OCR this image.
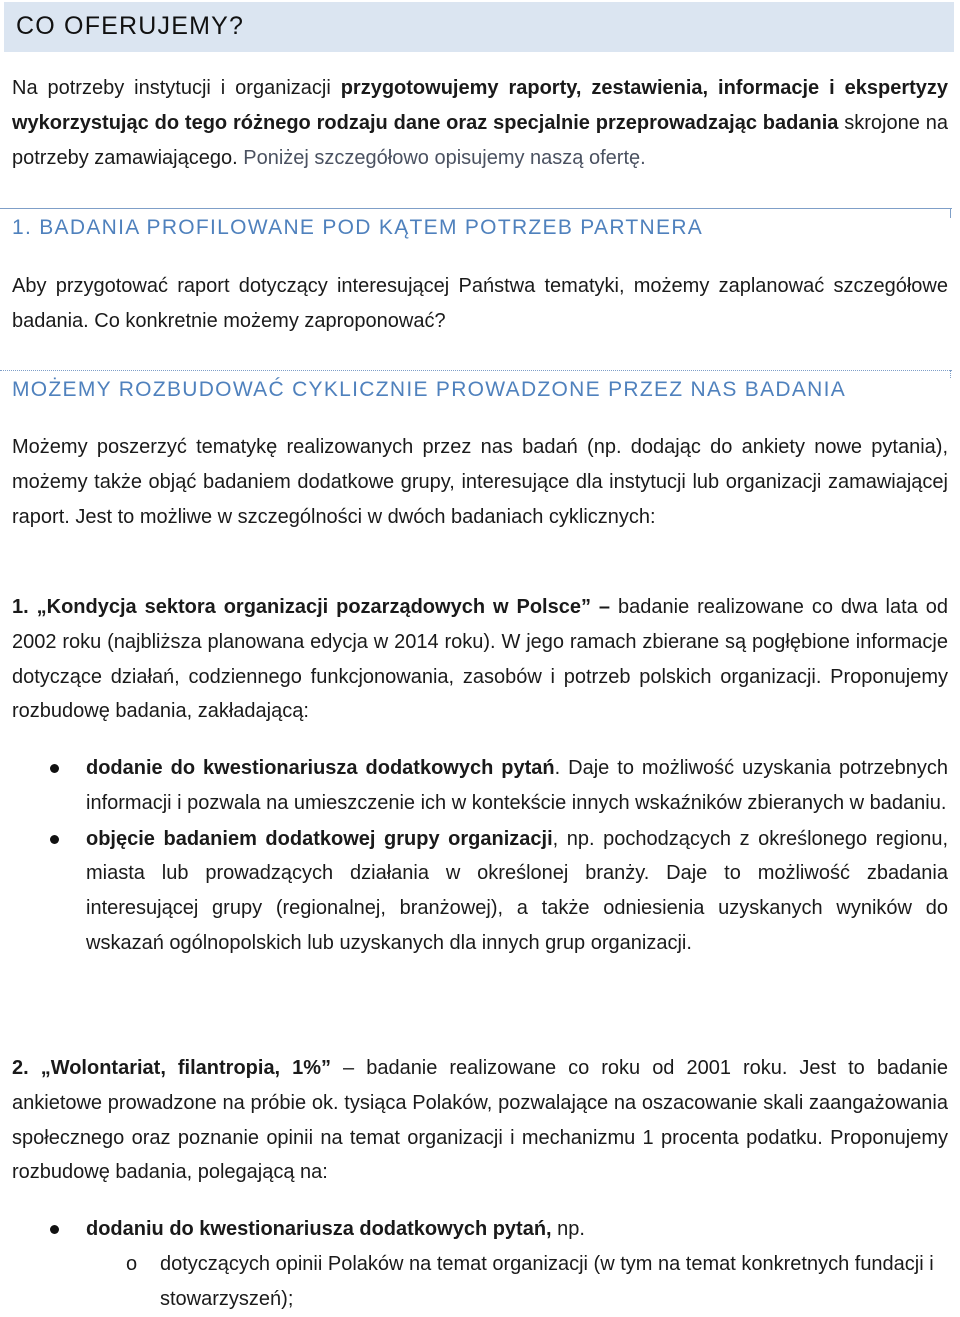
CO OFERUJEMY?

Na potrzeby instytucji i organizacji przygotowujemy raporty, zestawienia, informacje i ekspertyzy wykorzystując do tego różnego rodzaju dane oraz specjalnie przeprowadzając badania skrojone na potrzeby zamawiającego. Poniżej szczegółowo opisujemy naszą ofertę.

1. BADANIA PROFILOWANE POD KĄTEM POTRZEB PARTNERA

Aby przygotować raport dotyczący interesującej Państwa tematyki, możemy zaplanować szczegółowe badania. Co konkretnie możemy zaproponować?

MOŻEMY ROZBUDOWAĆ CYKLICZNIE PROWADZONE PRZEZ NAS BADANIA

Możemy poszerzyć tematykę realizowanych przez nas badań (np. dodając do ankiety nowe pytania), możemy także objąć badaniem dodatkowe grupy, interesujące dla instytucji lub organizacji zamawiającej raport. Jest to możliwe w szczególności w dwóch badaniach cyklicznych:

1. „Kondycja sektora organizacji pozarządowych w Polsce” – badanie realizowane co dwa lata od 2002 roku (najbliższa planowana edycja w 2014 roku). W jego ramach zbierane są pogłębione informacje dotyczące działań, codziennego funkcjonowania, zasobów i potrzeb polskich organizacji. Proponujemy rozbudowę badania, zakładającą:

dodanie do kwestionariusza dodatkowych pytań. Daje to możliwość uzyskania potrzebnych informacji i pozwala na umieszczenie ich w kontekście innych wskaźników zbieranych w badaniu.

objęcie badaniem dodatkowej grupy organizacji, np. pochodzących z określonego regionu, miasta lub prowadzących działania w określonej branży. Daje to możliwość zbadania interesującej grupy (regionalnej, branżowej), a także odniesienia uzyskanych wyników do wskazań ogólnopolskich lub uzyskanych dla innych grup organizacji.

2. „Wolontariat, filantropia, 1%” – badanie realizowane co roku od 2001 roku. Jest to badanie ankietowe prowadzone na próbie ok. tysiąca Polaków, pozwalające na oszacowanie skali zaangażowania społecznego oraz poznanie opinii na temat organizacji i mechanizmu 1 procenta podatku. Proponujemy rozbudowę badania, polegającą na:

dodaniu do kwestionariusza dodatkowych pytań, np.

o dotyczących opinii Polaków na temat organizacji (w tym na temat konkretnych fundacji i stowarzyszeń);
